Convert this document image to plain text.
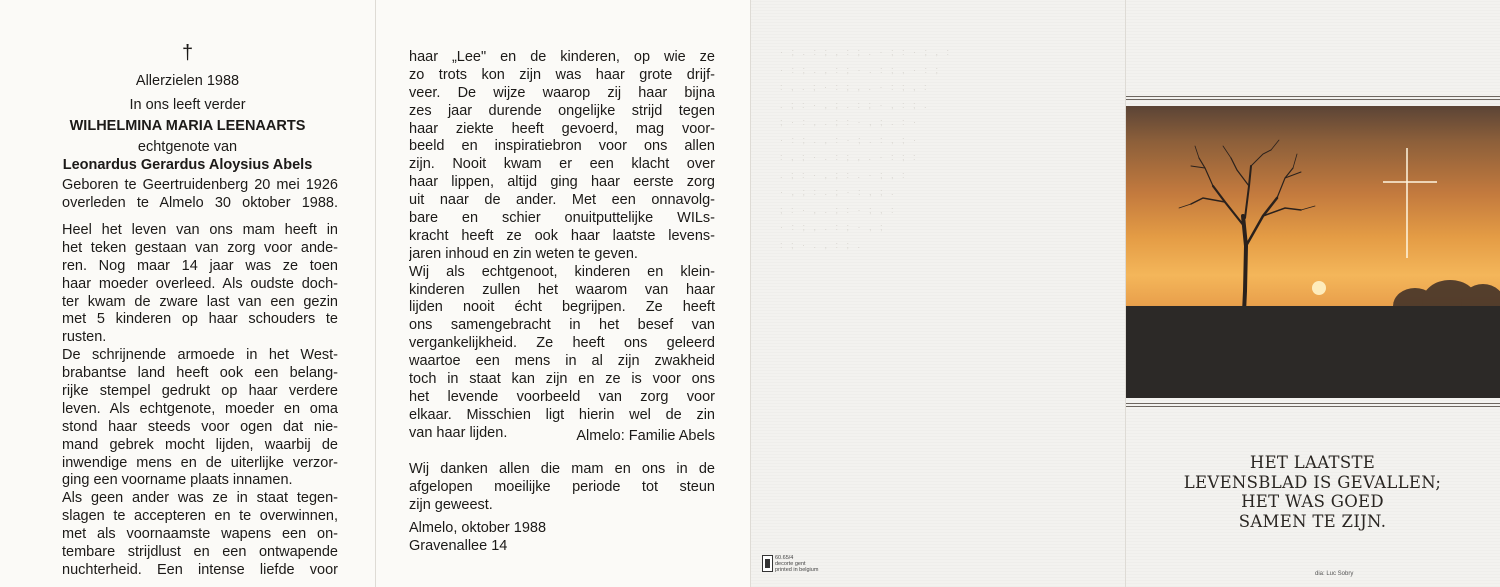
†
Allerzielen 1988
In ons leeft verder
WILHELMINA MARIA LEENAARTS
echtgenote van
Leonardus Gerardus Aloysius Abels
Geboren te Geertruidenberg 20 mei 1926
overleden te Almelo 30 oktober 1988.
Heel het leven van ons mam heeft in
het teken gestaan van zorg voor ande-
ren. Nog maar 14 jaar was ze toen
haar moeder overleed. Als oudste doch-
ter kwam de zware last van een gezin
met 5 kinderen op haar schouders te
rusten.
De schrijnende armoede in het West-
brabantse land heeft ook een belang-
rijke stempel gedrukt op haar verdere
leven. Als echtgenote, moeder en oma
stond haar steeds voor ogen dat nie-
mand gebrek mocht lijden, waarbij de
inwendige mens en de uiterlijke verzor-
ging een voorname plaats innamen.
Als geen ander was ze in staat tegen-
slagen te accepteren en te overwinnen,
met als voornaamste wapens een on-
tembare strijdlust en een ontwapende
nuchterheid. Een intense liefde voor
haar „Lee" en de kinderen, op wie ze
zo trots kon zijn was haar grote drijf-
veer. De wijze waarop zij haar bijna
zes jaar durende ongelijke strijd tegen
haar ziekte heeft gevoerd, mag voor-
beeld en inspiratiebron voor ons allen
zijn. Nooit kwam er een klacht over
haar lippen, altijd ging haar eerste zorg
uit naar de ander. Met een onnavolg-
bare en schier onuitputtelijke WILs-
kracht heeft ze ook haar laatste levens-
jaren inhoud en zin weten te geven.
Wij als echtgenoot, kinderen en klein-
kinderen zullen het waarom van haar
lijden nooit écht begrijpen. Ze heeft
ons samengebracht in het besef van
vergankelijkheid. Ze heeft ons geleerd
waartoe een mens in al zijn zwakheid
toch in staat kan zijn en ze is voor ons
het levende voorbeeld van zorg voor
elkaar. Misschien ligt hierin wel de zin
van haar lijden.	Almelo: Familie Abels
Wij danken allen die mam en ons in de
afgelopen moeilijke periode tot steun
zijn geweest.
Almelo, oktober 1988
Gravenallee 14
· ; . : ; , : ; . · ; : · ; , :
· : ; . , : ; · . : ; , · : ;
: , . ; · : ; , . · : ; , :
. ; : · , ; . : ; · , : ; .
; · : , . ; : · , ; . : ·
· : ; . , : · ; . : , ; ·
: , ; · . : ; , . · : ; :
. ; : · , ; : . · ; , :
· , ; : . ; · : , ; .
; : · , . ; : · ; , :
· : ; , . : ; · , ;
: ; · . , : ; .
60.65/4
decorte gent
printed in belgium
HET LAATSTE
LEVENSBLAD IS GEVALLEN;
HET WAS GOED
SAMEN TE ZIJN.
dia: Luc Sobry
